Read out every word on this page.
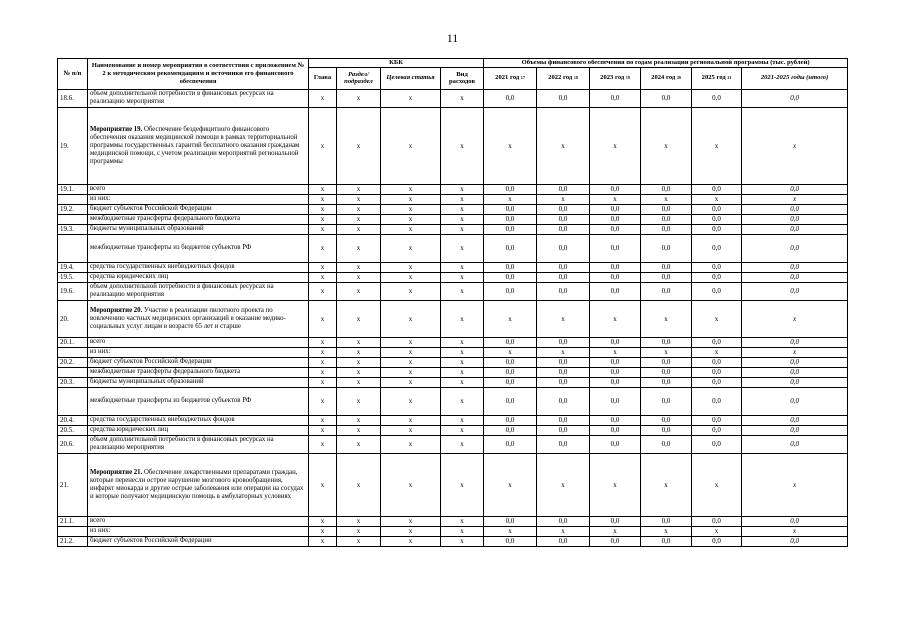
11
№ п/п	Наименование и номер мероприятия в соответствии с приложением № 2 к методическим рекомендациям и источники его финансового обеспечения	КБК				Объемы финансового обеспечения по годам реализации региональной программы (тыс. рублей)					
		Глава	Раздел/ подраздел	Целевая статья	Вид расходов	2021 год 17	2022 год 18	2023 год 19	2024 год 20	2025 год 21	2021-2025 годы (итого)
18.6.	объем дополнительной потребности в финансовых ресурсах на реализацию мероприятия	x	x	x	x	0,0	0,0	0,0	0,0	0,0	0,0
19.	Мероприятие 19. Обеспечение бездефицитного финансового обеспечения оказания медицинской помощи в рамках территориальной программы государственных гарантий бесплатного оказания гражданам медицинской помощи, с учетом реализации мероприятий региональной программы	x	x	x	x	x	x	x	x	x	x
19.1.	всего	x	x	x	x	0,0	0,0	0,0	0,0	0,0	0,0
	из них:	x	x	x	x	x	x	x	x	x	x
19.2.	бюджет субъектов Российской Федерации	x	x	x	x	0,0	0,0	0,0	0,0	0,0	0,0
	межбюджетные трансферты федерального бюджета	x	x	x	x	0,0	0,0	0,0	0,0	0,0	0,0
19.3.	бюджеты муниципальных образований	x	x	x	x	0,0	0,0	0,0	0,0	0,0	0,0
	межбюджетные трансферты из бюджетов субъектов РФ	x	x	x	x	0,0	0,0	0,0	0,0	0,0	0,0
19.4.	средства государственных внебюджетных фондов	x	x	x	x	0,0	0,0	0,0	0,0	0,0	0,0
19.5.	средства юридических лиц	x	x	x	x	0,0	0,0	0,0	0,0	0,0	0,0
19.6.	объем дополнительной потребности в финансовых ресурсах на реализацию мероприятия	x	x	x	x	0,0	0,0	0,0	0,0	0,0	0,0
20.	Мероприятие 20. Участие в реализации пилотного проекта по вовлечению частных медицинских организаций в оказание медико-социальных услуг лицам в возрасте 65 лет и старше	x	x	x	x	x	x	x	x	x	x
20.1.	всего	x	x	x	x	0,0	0,0	0,0	0,0	0,0	0,0
	из них:	x	x	x	x	x	x	x	x	x	x
20.2.	бюджет субъектов Российской Федерации	x	x	x	x	0,0	0,0	0,0	0,0	0,0	0,0
	межбюджетные трансферты федерального бюджета	x	x	x	x	0,0	0,0	0,0	0,0	0,0	0,0
20.3.	бюджеты муниципальных образований	x	x	x	x	0,0	0,0	0,0	0,0	0,0	0,0
	межбюджетные трансферты из бюджетов субъектов РФ	x	x	x	x	0,0	0,0	0,0	0,0	0,0	0,0
20.4.	средства государственных внебюджетных фондов	x	x	x	x	0,0	0,0	0,0	0,0	0,0	0,0
20.5.	средства юридических лиц	x	x	x	x	0,0	0,0	0,0	0,0	0,0	0,0
20.6.	объем дополнительной потребности в финансовых ресурсах на реализацию мероприятия	x	x	x	x	0,0	0,0	0,0	0,0	0,0	0,0
21.	Мероприятие 21. Обеспечение лекарственными препаратами граждан, которые перенесли острое нарушение мозгового кровообращения, инфаркт миокарда и другие острые заболевания или операции на сосудах и которые получают медицинскую помощь в амбулаторных условиях	x	x	x	x	x	x	x	x	x	x
21.1.	всего	x	x	x	x	0,0	0,0	0,0	0,0	0,0	0,0
	из них:	x	x	x	x	x	x	x	x	x	x
21.2.	бюджет субъектов Российской Федерации	x	x	x	x	0,0	0,0	0,0	0,0	0,0	0,0
